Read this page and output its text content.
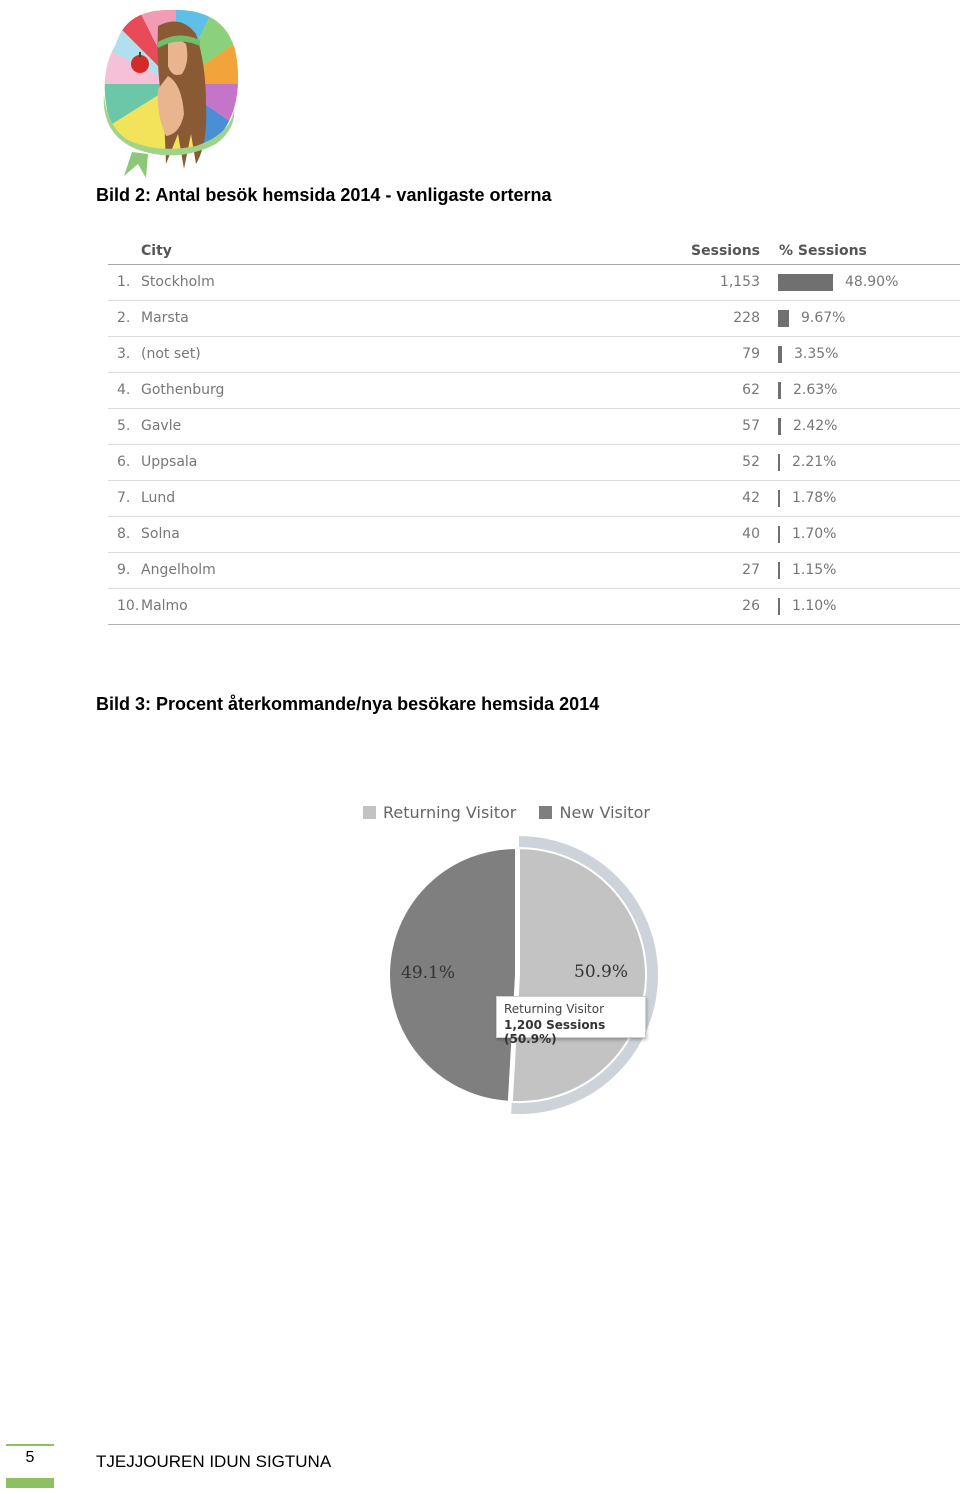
Bild 2: Antal besök hemsida 2014 - vanligaste orterna
City	Sessions % Sessions
1. Stockholm	1,153	48.90%
2. Marsta	228	9.67%
3. (not set)	79 3.35%
4. Gothenburg	62 2.63%
5. Gavle	57 2.42%
6. Uppsala	52 2.21%
7. Lund	42 1.78%
8. Solna	40 1.70%
9. Angelholm	27 1.15%
10. Malmo	26 1.10%
Bild 3: Procent återkommande/nya besökare hemsida 2014
Returning Visitor	New Visitor
50.9%
49.1%
Returning Visitor
1,200 Sessions (50.9%)
5	TJEJJOUREN IDUN SIGTUNA
